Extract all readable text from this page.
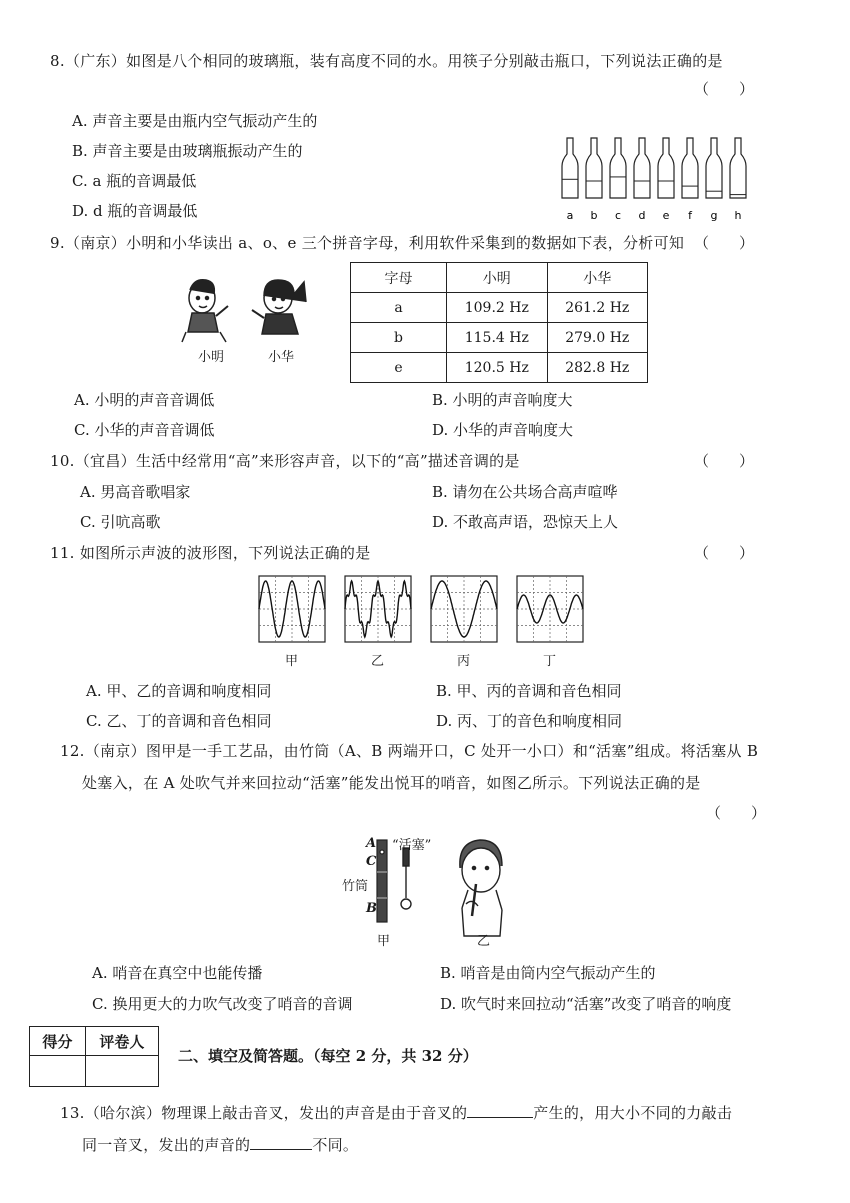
8.（广东）如图是八个相同的玻璃瓶，装有高度不同的水。用筷子分别敲击瓶口，下列说法正确的是
（　　）
A. 声音主要是由瓶内空气振动产生的
B. 声音主要是由玻璃瓶振动产生的
C. a 瓶的音调最低
D. d 瓶的音调最低	a b c d e f g h
9.（南京）小明和小华读出 a、o、e 三个拼音字母，利用软件采集到的数据如下表，分析可知 （　　）
小明	小华
字母	小明	小华
a	109.2 Hz	261.2 Hz
b	115.4 Hz	279.0 Hz
e	120.5 Hz	282.8 Hz
A. 小明的声音音调低	B. 小明的声音响度大
C. 小华的声音音调低	D. 小华的声音响度大
10.（宜昌）生活中经常用“高”来形容声音，以下的“高”描述音调的是	（　　）
A. 男高音歌唱家	B. 请勿在公共场合高声喧哗
C. 引吭高歌	D. 不敢高声语，恐惊天上人
11. 如图所示声波的波形图，下列说法正确的是	（　　）
甲	乙	丙	丁
A. 甲、乙的音调和响度相同	B. 甲、丙的音调和音色相同
C. 乙、丁的音调和音色相同	D. 丙、丁的音色和响度相同
12.（南京）图甲是一手工艺品，由竹筒（A、B 两端开口，C 处开一小口）和“活塞”组成。将活塞从 B
处塞入，在 A 处吹气并来回拉动“活塞”能发出悦耳的哨音，如图乙所示。下列说法正确的是
（　　）
A
C
B
竹筒
“活塞”
甲	乙
A. 哨音在真空中也能传播	B. 哨音是由筒内空气振动产生的
C. 换用更大的力吹气改变了哨音的音调	D. 吹气时来回拉动“活塞”改变了哨音的响度
得分	评卷人

二、填空及简答题。（每空 2 分，共 32 分）
13.（哈尔滨）物理课上敲击音叉，发出的声音是由于音叉的	产生的，用大小不同的力敲击
同一音叉，发出的声音的	不同。
